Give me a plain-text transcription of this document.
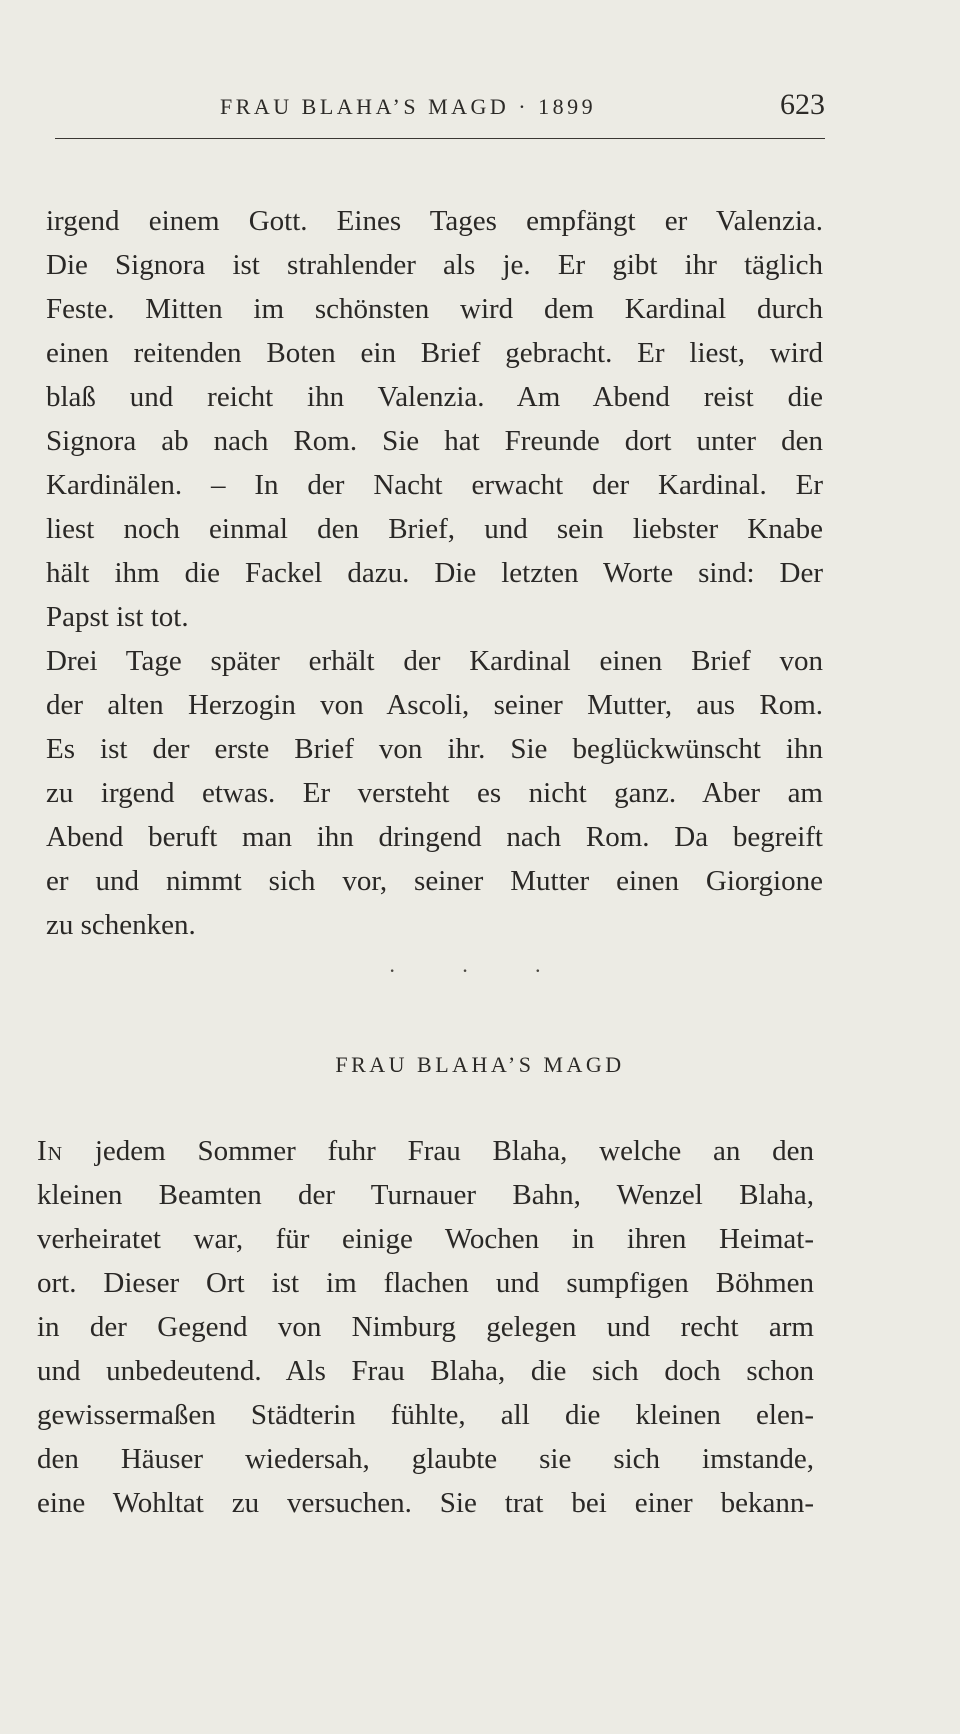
FRAU BLAHA’S MAGD · 1899	623
irgend einem Gott. Eines Tages empfängt er Valenzia.
Die Signora ist strahlender als je. Er gibt ihr täglich
Feste. Mitten im schönsten wird dem Kardinal durch
einen reitenden Boten ein Brief gebracht. Er liest, wird
blaß und reicht ihn Valenzia. Am Abend reist die
Signora ab nach Rom. Sie hat Freunde dort unter den
Kardinälen. – In der Nacht erwacht der Kardinal. Er
liest noch einmal den Brief, und sein liebster Knabe
hält ihm die Fackel dazu. Die letzten Worte sind: Der
Papst ist tot.
Drei Tage später erhält der Kardinal einen Brief von
der alten Herzogin von Ascoli, seiner Mutter, aus Rom.
Es ist der erste Brief von ihr. Sie beglückwünscht ihn
zu irgend etwas. Er versteht es nicht ganz. Aber am
Abend beruft man ihn dringend nach Rom. Da begreift
er und nimmt sich vor, seiner Mutter einen Giorgione
zu schenken.
· · ·
FRAU BLAHA’S MAGD
In jedem Sommer fuhr Frau Blaha, welche an den
kleinen Beamten der Turnauer Bahn, Wenzel Blaha,
verheiratet war, für einige Wochen in ihren Heimat-
ort. Dieser Ort ist im flachen und sumpfigen Böhmen
in der Gegend von Nimburg gelegen und recht arm
und unbedeutend. Als Frau Blaha, die sich doch schon
gewissermaßen Städterin fühlte, all die kleinen elen-
den Häuser wiedersah, glaubte sie sich imstande,
eine Wohltat zu versuchen. Sie trat bei einer bekann-
